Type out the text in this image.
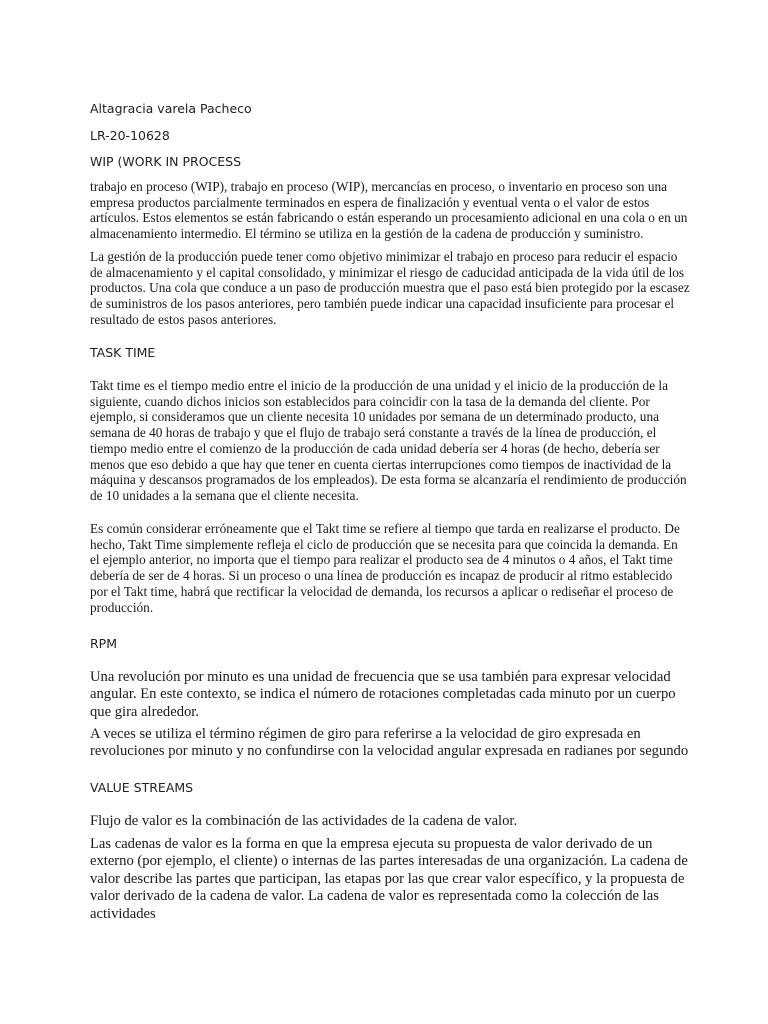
Altagracia varela Pacheco
LR-20-10628
WIP (WORK IN PROCESS
trabajo en proceso (WIP), trabajo en proceso (WIP), mercancías en proceso, o inventario en proceso son una empresa productos parcialmente terminados en espera de finalización y eventual venta o el valor de estos artículos. Estos elementos se están fabricando o están esperando un procesamiento adicional en una cola o en un almacenamiento intermedio. El término se utiliza en la gestión de la cadena de producción y suministro.
La gestión de la producción puede tener como objetivo minimizar el trabajo en proceso para reducir el espacio de almacenamiento y el capital consolidado, y minimizar el riesgo de caducidad anticipada de la vida útil de los productos. Una cola que conduce a un paso de producción muestra que el paso está bien protegido por la escasez de suministros de los pasos anteriores, pero también puede indicar una capacidad insuficiente para procesar el resultado de estos pasos anteriores.
TASK TIME
Takt time es el tiempo medio entre el inicio de la producción de una unidad y el inicio de la producción de la siguiente, cuando dichos inicios son establecidos para coincidir con la tasa de la demanda del cliente. Por ejemplo, si consideramos que un cliente necesita 10 unidades por semana de un determinado producto, una semana de 40 horas de trabajo y que el flujo de trabajo será constante a través de la línea de producción, el tiempo medio entre el comienzo de la producción de cada unidad debería ser 4 horas (de hecho, debería ser menos que eso debido a que hay que tener en cuenta ciertas interrupciones como tiempos de inactividad de la máquina y descansos programados de los empleados). De esta forma se alcanzaría el rendimiento de producción de 10 unidades a la semana que el cliente necesita.
Es común considerar erróneamente que el Takt time se refiere al tiempo que tarda en realizarse el producto. De hecho, Takt Time simplemente refleja el ciclo de producción que se necesita para que coincida la demanda. En el ejemplo anterior, no importa que el tiempo para realizar el producto sea de 4 minutos o 4 años, el Takt time debería de ser de 4 horas. Si un proceso o una línea de producción es incapaz de producir al ritmo establecido por el Takt time, habrá que rectificar la velocidad de demanda, los recursos a aplicar o rediseñar el proceso de producción.
RPM
Una revolución por minuto es una unidad de frecuencia que se usa también para expresar velocidad angular. En este contexto, se indica el número de rotaciones completadas cada minuto por un cuerpo que gira alrededor.
A veces se utiliza el término régimen de giro para referirse a la velocidad de giro expresada en revoluciones por minuto y no confundirse con la velocidad angular expresada en radianes por segundo
VALUE STREAMS
Flujo de valor es la combinación de las actividades de la cadena de valor.
Las cadenas de valor es la forma en que la empresa ejecuta su propuesta de valor derivado de un externo (por ejemplo, el cliente) o internas de las partes interesadas de una organización. La cadena de valor describe las partes que participan, las etapas por las que crear valor específico, y la propuesta de valor derivado de la cadena de valor. La cadena de valor es representada como la colección de las actividades
